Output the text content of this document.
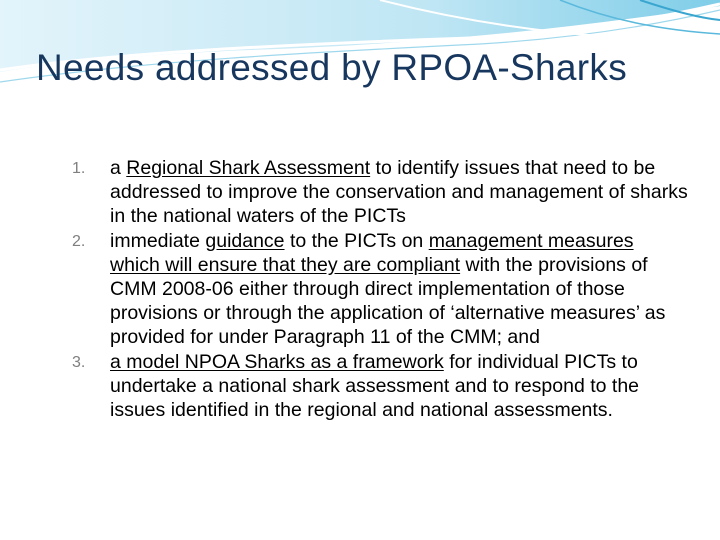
Needs addressed by RPOA-Sharks
1. a Regional Shark Assessment to identify issues that need to be addressed to improve the conservation and management of sharks in the national waters of the PICTs
2. immediate guidance to the PICTs on management measures which will ensure that they are compliant with the provisions of CMM 2008-06 either through direct implementation of those provisions or through the application of ‘alternative measures’ as provided for under Paragraph 11 of the CMM; and
3. a model NPOA Sharks as a framework for individual PICTs to undertake a national shark assessment and to respond to the issues identified in the regional and national assessments.
